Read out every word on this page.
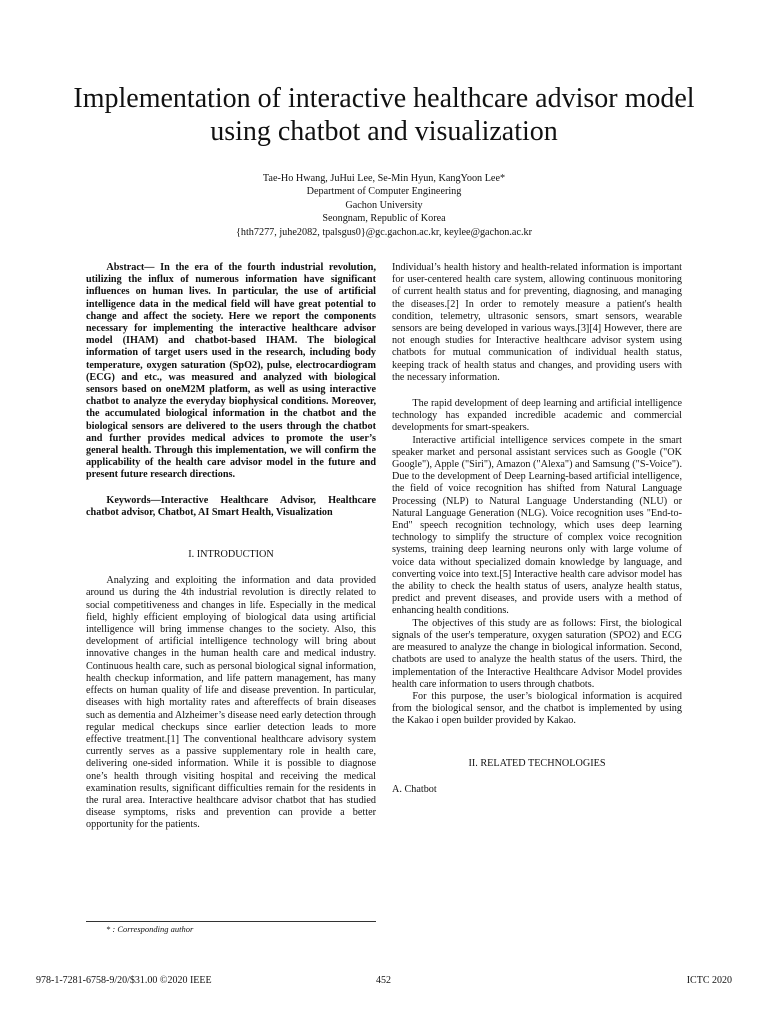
Implementation of interactive healthcare advisor model using chatbot and visualization
Tae-Ho Hwang, JuHui Lee, Se-Min Hyun, KangYoon Lee*
Department of Computer Engineering
Gachon University
Seongnam, Republic of Korea
{hth7277, juhe2082, tpalsgus0}@gc.gachon.ac.kr, keylee@gachon.ac.kr

Abstract— In the era of the fourth industrial revolution, utilizing the influx of numerous information have significant influences on human lives. In particular, the use of artificial intelligence data in the medical field will have great potential to change and affect the society. Here we report the components necessary for implementing the interactive healthcare advisor model (IHAM) and chatbot-based IHAM. The biological information of target users used in the research, including body temperature, oxygen saturation (SpO2), pulse, electrocardiogram (ECG) and etc., was measured and analyzed with biological sensors based on oneM2M platform, as well as using interactive chatbot to analyze the everyday biophysical conditions. Moreover, the accumulated biological information in the chatbot and the biological sensors are delivered to the users through the chatbot and further provides medical advices to promote the user’s general health. Through this implementation, we will confirm the applicability of the health care advisor model in the future and present future research directions.

Keywords—Interactive Healthcare Advisor, Healthcare chatbot advisor, Chatbot, AI Smart Health, Visualization

I. INTRODUCTION

Analyzing and exploiting the information and data provided around us during the 4th industrial revolution is directly related to social competitiveness and changes in life. Especially in the medical field, highly efficient employing of biological data using artificial intelligence will bring immense changes to the society. Also, this development of artificial intelligence technology will bring about innovative changes in the human health care and medical industry. Continuous health care, such as personal biological signal information, health checkup information, and life pattern management, has many effects on human quality of life and disease prevention. In particular, diseases with high mortality rates and aftereffects of brain diseases such as dementia and Alzheimer’s disease need early detection through regular medical checkups since earlier detection leads to more effective treatment.[1] The conventional healthcare advisory system currently serves as a passive supplementary role in health care, delivering one-sided information. While it is possible to diagnose one’s health through visiting hospital and receiving the medical examination results, significant difficulties remain for the residents in the rural area. Interactive healthcare advisor chatbot that has studied disease symptoms, risks and prevention can provide a better opportunity for the patients.

Individual’s health history and health-related information is important for user-centered health care system, allowing continuous monitoring of current health status and for preventing, diagnosing, and managing the diseases.[2] In order to remotely measure a patient's health condition, telemetry, ultrasonic sensors, smart sensors, wearable sensors are being developed in various ways.[3][4] However, there are not enough studies for Interactive healthcare advisor system using chatbots for mutual communication of individual health status, keeping track of health status and changes, and providing users with the necessary information.

The rapid development of deep learning and artificial intelligence technology has expanded incredible academic and commercial developments for smart-speakers.

Interactive artificial intelligence services compete in the smart speaker market and personal assistant services such as Google ("OK Google"), Apple ("Siri"), Amazon ("Alexa") and Samsung ("S-Voice"). Due to the development of Deep Learning-based artificial intelligence, the field of voice recognition has shifted from Natural Language Processing (NLP) to Natural Language Understanding (NLU) or Natural Language Generation (NLG). Voice recognition uses "End-to-End" speech recognition technology, which uses deep learning technology to simplify the structure of complex voice recognition systems, training deep learning neurons only with large volume of voice data without specialized domain knowledge by language, and converting voice into text.[5] Interactive health care advisor model has the ability to check the health status of users, analyze health status, predict and prevent diseases, and provide users with a method of enhancing health conditions.

The objectives of this study are as follows: First, the biological signals of the user's temperature, oxygen saturation (SPO2) and ECG are measured to analyze the change in biological information. Second, chatbots are used to analyze the health status of the users. Third, the implementation of the Interactive Healthcare Advisor Model provides health care information to users through chatbots.

For this purpose, the user’s biological information is acquired from the biological sensor, and the chatbot is implemented by using the Kakao i open builder provided by Kakao.

II. RELATED TECHNOLOGIES

A. Chatbot

* : Corresponding author
978-1-7281-6758-9/20/$31.00 ©2020 IEEE	452	ICTC 2020
